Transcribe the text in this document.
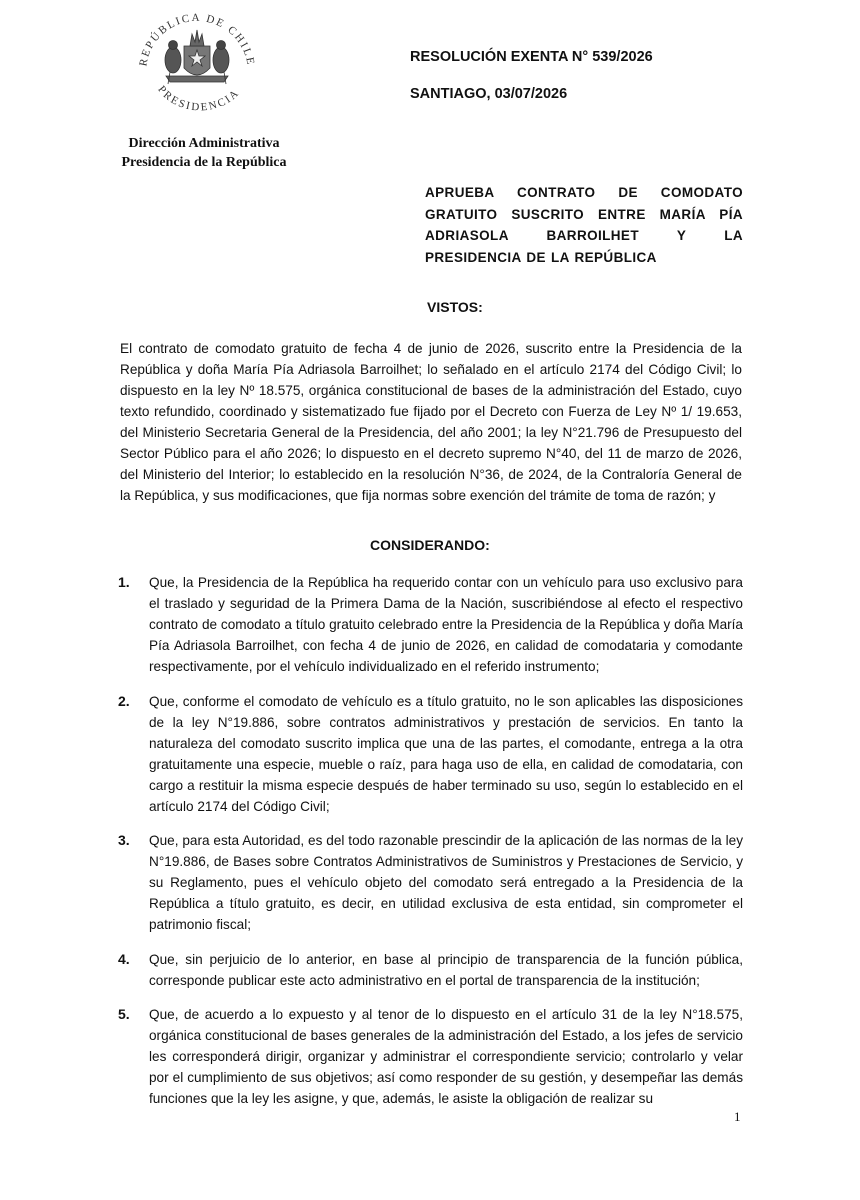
REPÚBLICA DE CHILE
PRESIDENCIA
Dirección Administrativa
Presidencia de la República
RESOLUCIÓN EXENTA N° 539/2026
SANTIAGO, 03/07/2026
APRUEBA CONTRATO DE COMODATO GRATUITO SUSCRITO ENTRE MARÍA PÍA ADRIASOLA BARROILHET Y LA PRESIDENCIA DE LA REPÚBLICA
VISTOS:
El contrato de comodato gratuito de fecha 4 de junio de 2026, suscrito entre la Presidencia de la República y doña María Pía Adriasola Barroilhet; lo señalado en el artículo 2174 del Código Civil; lo dispuesto en la ley Nº 18.575, orgánica constitucional de bases de la administración del Estado, cuyo texto refundido, coordinado y sistematizado fue fijado por el Decreto con Fuerza de Ley Nº 1/ 19.653, del Ministerio Secretaria General de la Presidencia, del año 2001; la ley N°21.796 de Presupuesto del Sector Público para el año 2026; lo dispuesto en el decreto supremo N°40, del 11 de marzo de 2026, del Ministerio del Interior; lo establecido en la resolución N°36, de 2024, de la Contraloría General de la República, y sus modificaciones, que fija normas sobre exención del trámite de toma de razón; y
CONSIDERANDO:
1. Que, la Presidencia de la República ha requerido contar con un vehículo para uso exclusivo para el traslado y seguridad de la Primera Dama de la Nación, suscribiéndose al efecto el respectivo contrato de comodato a título gratuito celebrado entre la Presidencia de la República y doña María Pía Adriasola Barroilhet, con fecha 4 de junio de 2026, en calidad de comodataria y comodante respectivamente, por el vehículo individualizado en el referido instrumento;
2. Que, conforme el comodato de vehículo es a título gratuito, no le son aplicables las disposiciones de la ley N°19.886, sobre contratos administrativos y prestación de servicios. En tanto la naturaleza del comodato suscrito implica que una de las partes, el comodante, entrega a la otra gratuitamente una especie, mueble o raíz, para haga uso de ella, en calidad de comodataria, con cargo a restituir la misma especie después de haber terminado su uso, según lo establecido en el artículo 2174 del Código Civil;
3. Que, para esta Autoridad, es del todo razonable prescindir de la aplicación de las normas de la ley N°19.886, de Bases sobre Contratos Administrativos de Suministros y Prestaciones de Servicio, y su Reglamento, pues el vehículo objeto del comodato será entregado a la Presidencia de la República a título gratuito, es decir, en utilidad exclusiva de esta entidad, sin comprometer el patrimonio fiscal;
4. Que, sin perjuicio de lo anterior, en base al principio de transparencia de la función pública, corresponde publicar este acto administrativo en el portal de transparencia de la institución;
5. Que, de acuerdo a lo expuesto y al tenor de lo dispuesto en el artículo 31 de la ley N°18.575, orgánica constitucional de bases generales de la administración del Estado, a los jefes de servicio les corresponderá dirigir, organizar y administrar el correspondiente servicio; controlarlo y velar por el cumplimiento de sus objetivos; así como responder de su gestión, y desempeñar las demás funciones que la ley les asigne, y que, además, le asiste la obligación de realizar su
1
